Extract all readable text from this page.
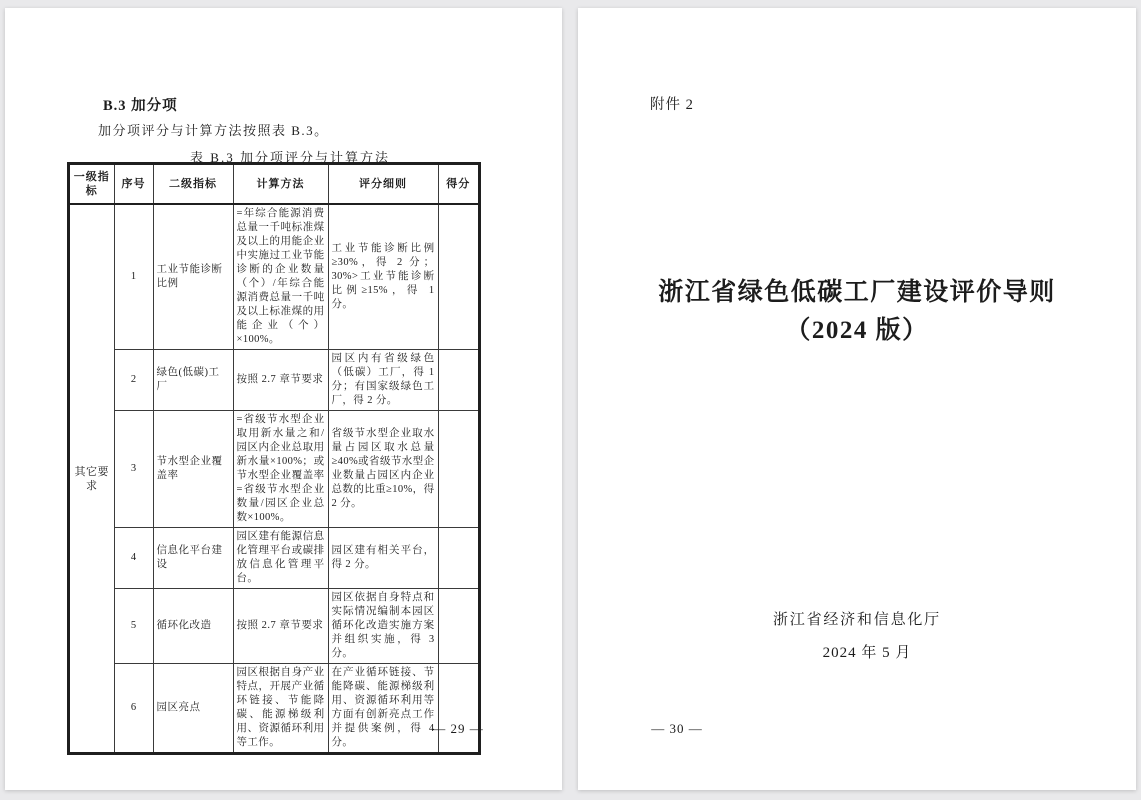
B.3 加分项
加分项评分与计算方法按照表 B.3。
表 B.3 加分项评分与计算方法
一级指标	序号	二级指标	计算方法	评分细则	得分
其它要求	1	工业节能诊断比例	=年综合能源消费总量一千吨标准煤及以上的用能企业中实施过工业节能诊断的企业数量（个）/年综合能源消费总量一千吨及以上标准煤的用能企业（个）×100%。	工业节能诊断比例≥30%，得 2 分；30%>工业节能诊断比例≥15%，得 1 分。	
	2	绿色(低碳)工厂	按照 2.7 章节要求	园区内有省级绿色（低碳）工厂，得 1 分；有国家级绿色工厂，得 2 分。	
	3	节水型企业覆盖率	=省级节水型企业取用新水量之和/园区内企业总取用新水量×100%；或节水型企业覆盖率=省级节水型企业数量/园区企业总数×100%。	省级节水型企业取水量占园区取水总量≥40%或省级节水型企业数量占园区内企业总数的比重≥10%，得 2 分。	
	4	信息化平台建设	园区建有能源信息化管理平台或碳排放信息化管理平台。	园区建有相关平台，得 2 分。	
	5	循环化改造	按照 2.7 章节要求	园区依据自身特点和实际情况编制本园区循环化改造实施方案并组织实施，得 3 分。	
	6	园区亮点	园区根据自身产业特点，开展产业循环链接、节能降碳、能源梯级利用、资源循环利用等工作。	在产业循环链接、节能降碳、能源梯级利用、资源循环利用等方面有创新亮点工作并提供案例，得 4 分。	
— 29 —
附件 2
浙江省绿色低碳工厂建设评价导则
（2024 版）
浙江省经济和信息化厅
2024 年 5 月
— 30 —
